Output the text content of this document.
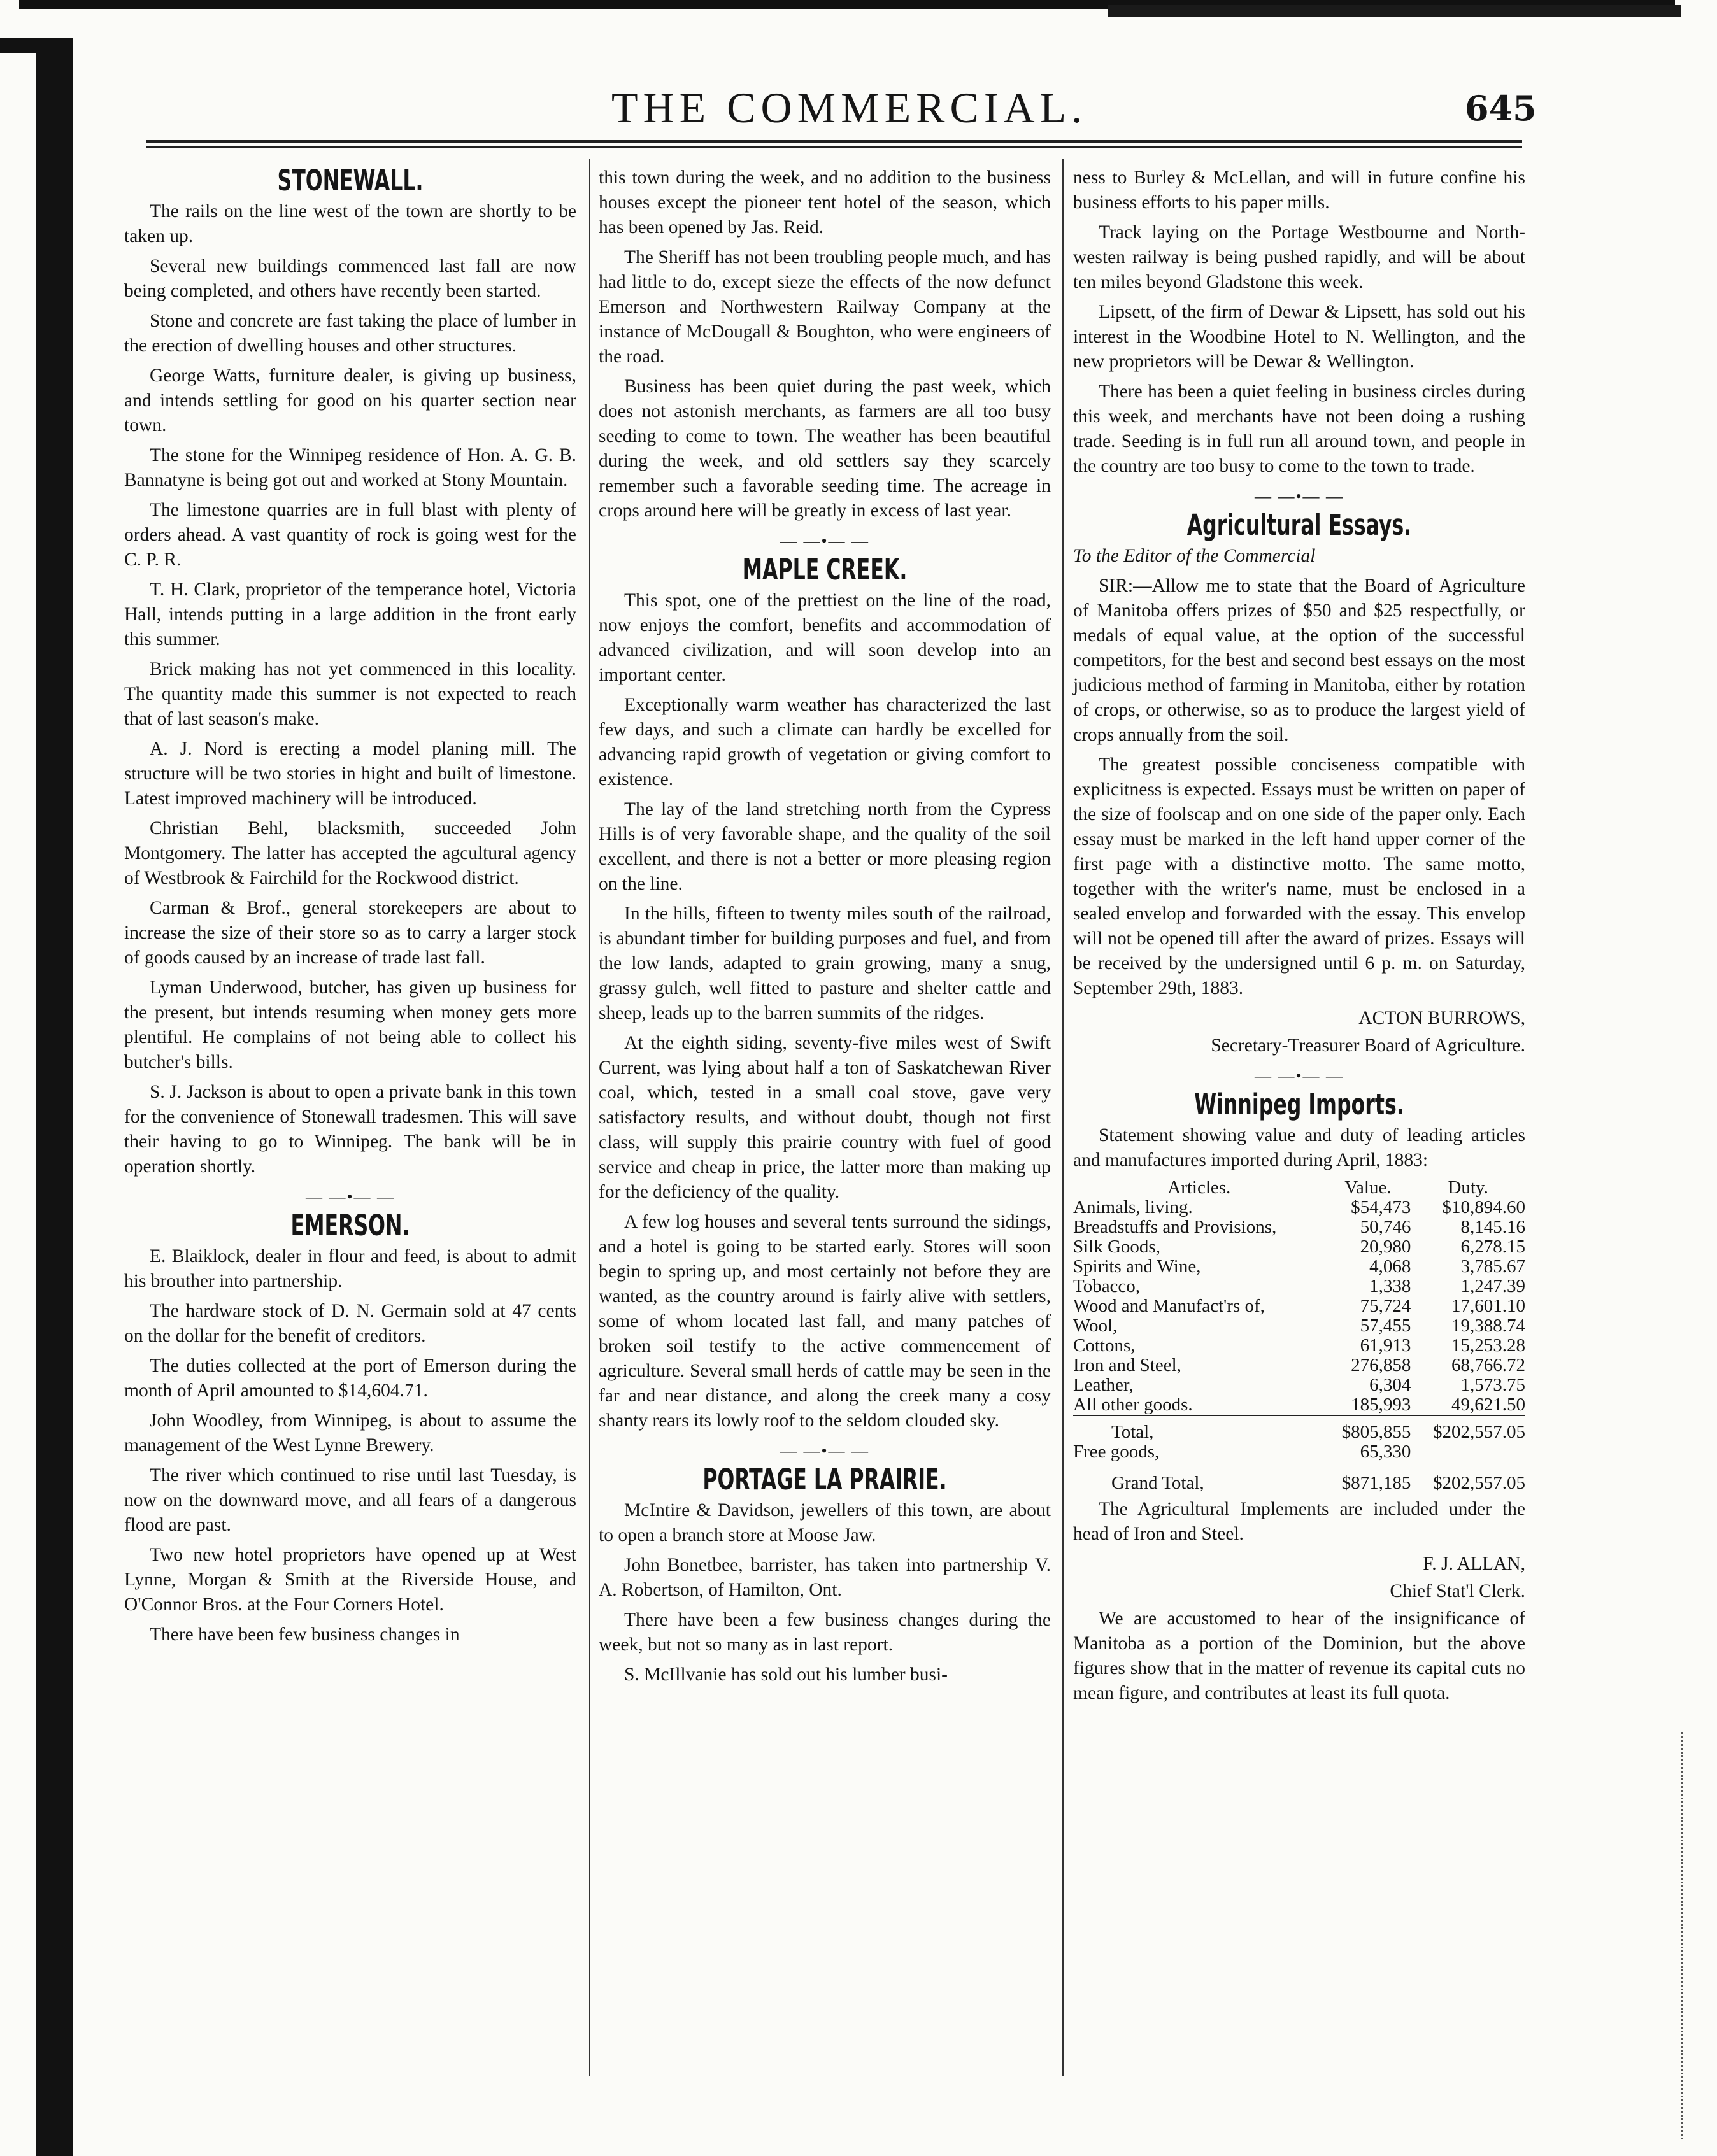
THE COMMERCIAL.	645
STONEWALL.

The rails on the line west of the town are shortly to be taken up.

Several new buildings commenced last fall are now being completed, and others have recently been started.

Stone and concrete are fast taking the place of lumber in the erection of dwelling houses and other structures.

George Watts, furniture dealer, is giving up business, and intends settling for good on his quarter section near town.

The stone for the Winnipeg residence of Hon. A. G. B. Bannatyne is being got out and worked at Stony Mountain.

The limestone quarries are in full blast with plenty of orders ahead. A vast quantity of rock is going west for the C. P. R.

T. H. Clark, proprietor of the temperance hotel, Victoria Hall, intends putting in a large addition in the front early this summer.

Brick making has not yet commenced in this locality. The quantity made this summer is not expected to reach that of last season's make.

A. J. Nord is erecting a model planing mill. The structure will be two stories in hight and built of limestone. Latest improved machinery will be introduced.

Christian Behl, blacksmith, succeeded John Montgomery. The latter has accepted the agcultural agency of Westbrook & Fairchild for the Rockwood district.

Carman & Brof., general storekeepers are about to increase the size of their store so as to carry a larger stock of goods caused by an increase of trade last fall.

Lyman Underwood, butcher, has given up business for the present, but intends resuming when money gets more plentiful. He complains of not being able to collect his butcher's bills.

S. J. Jackson is about to open a private bank in this town for the convenience of Stonewall tradesmen. This will save their having to go to Winnipeg. The bank will be in operation shortly.

— —•— —
EMERSON.

E. Blaiklock, dealer in flour and feed, is about to admit his brouther into partnership.

The hardware stock of D. N. Germain sold at 47 cents on the dollar for the benefit of creditors.

The duties collected at the port of Emerson during the month of April amounted to $14,604.71.

John Woodley, from Winnipeg, is about to assume the management of the West Lynne Brewery.

The river which continued to rise until last Tuesday, is now on the downward move, and all fears of a dangerous flood are past.

Two new hotel proprietors have opened up at West Lynne, Morgan & Smith at the Riverside House, and O'Connor Bros. at the Four Corners Hotel.

There have been few business changes in

this town during the week, and no addition to the business houses except the pioneer tent hotel of the season, which has been opened by Jas. Reid.

The Sheriff has not been troubling people much, and has had little to do, except sieze the effects of the now defunct Emerson and Northwestern Railway Company at the instance of McDougall & Boughton, who were engineers of the road.

Business has been quiet during the past week, which does not astonish merchants, as farmers are all too busy seeding to come to town. The weather has been beautiful during the week, and old settlers say they scarcely remember such a favorable seeding time. The acreage in crops around here will be greatly in excess of last year.

— —•— —
MAPLE CREEK.

This spot, one of the prettiest on the line of the road, now enjoys the comfort, benefits and accommodation of advanced civilization, and will soon develop into an important center.

Exceptionally warm weather has characterized the last few days, and such a climate can hardly be excelled for advancing rapid growth of vegetation or giving comfort to existence.

The lay of the land stretching north from the Cypress Hills is of very favorable shape, and the quality of the soil excellent, and there is not a better or more pleasing region on the line.

In the hills, fifteen to twenty miles south of the railroad, is abundant timber for building purposes and fuel, and from the low lands, adapted to grain growing, many a snug, grassy gulch, well fitted to pasture and shelter cattle and sheep, leads up to the barren summits of the ridges.

At the eighth siding, seventy-five miles west of Swift Current, was lying about half a ton of Saskatchewan River coal, which, tested in a small coal stove, gave very satisfactory results, and without doubt, though not first class, will supply this prairie country with fuel of good service and cheap in price, the latter more than making up for the deficiency of the quality.

A few log houses and several tents surround the sidings, and a hotel is going to be started early. Stores will soon begin to spring up, and most certainly not before they are wanted, as the country around is fairly alive with settlers, some of whom located last fall, and many patches of broken soil testify to the active commencement of agriculture. Several small herds of cattle may be seen in the far and near distance, and along the creek many a cosy shanty rears its lowly roof to the seldom clouded sky.

— —•— —
PORTAGE LA PRAIRIE.

McIntire & Davidson, jewellers of this town, are about to open a branch store at Moose Jaw.

John Bonetbee, barrister, has taken into partnership V. A. Robertson, of Hamilton, Ont.

There have been a few business changes during the week, but not so many as in last report.

S. McIllvanie has sold out his lumber busi-

ness to Burley & McLellan, and will in future confine his business efforts to his paper mills.

Track laying on the Portage Westbourne and North-westen railway is being pushed rapidly, and will be about ten miles beyond Gladstone this week.

Lipsett, of the firm of Dewar & Lipsett, has sold out his interest in the Woodbine Hotel to N. Wellington, and the new proprietors will be Dewar & Wellington.

There has been a quiet feeling in business circles during this week, and merchants have not been doing a rushing trade. Seeding is in full run all around town, and people in the country are too busy to come to the town to trade.

— —•— —
Agricultural Essays.
To the Editor of the Commercial

SIR:—Allow me to state that the Board of Agriculture of Manitoba offers prizes of $50 and $25 respectfully, or medals of equal value, at the option of the successful competitors, for the best and second best essays on the most judicious method of farming in Manitoba, either by rotation of crops, or otherwise, so as to produce the largest yield of crops annually from the soil.

The greatest possible conciseness compatible with explicitness is expected. Essays must be written on paper of the size of foolscap and on one side of the paper only. Each essay must be marked in the left hand upper corner of the first page with a distinctive motto. The same motto, together with the writer's name, must be enclosed in a sealed envelop and forwarded with the essay. This envelop will not be opened till after the award of prizes. Essays will be received by the undersigned until 6 p. m. on Saturday, September 29th, 1883.

ACTON BURROWS,
Secretary-Treasurer Board of Agriculture.
— —•— —
Winnipeg Imports.

Statement showing value and duty of leading articles and manufactures imported during April, 1883:

Articles.	Value.	Duty.
Animals, living.	$54,473	$10,894.60
Breadstuffs and Provisions,	50,746	8,145.16
Silk Goods,	20,980	6,278.15
Spirits and Wine,	4,068	3,785.67
Tobacco,	1,338	1,247.39
Wood and Manufact'rs of,	75,724	17,601.10
Wool,	57,455	19,388.74
Cottons,	61,913	15,253.28
Iron and Steel,	276,858	68,766.72
Leather,	6,304	1,573.75
All other goods.	185,993	49,621.50
Total,	$805,855	$202,557.05
Free goods,	65,330	
Grand Total,	$871,185	$202,557.05

The Agricultural Implements are included under the head of Iron and Steel.

F. J. ALLAN,
Chief Stat'l Clerk.

We are accustomed to hear of the insignificance of Manitoba as a portion of the Dominion, but the above figures show that in the matter of revenue its capital cuts no mean figure, and contributes at least its full quota.
